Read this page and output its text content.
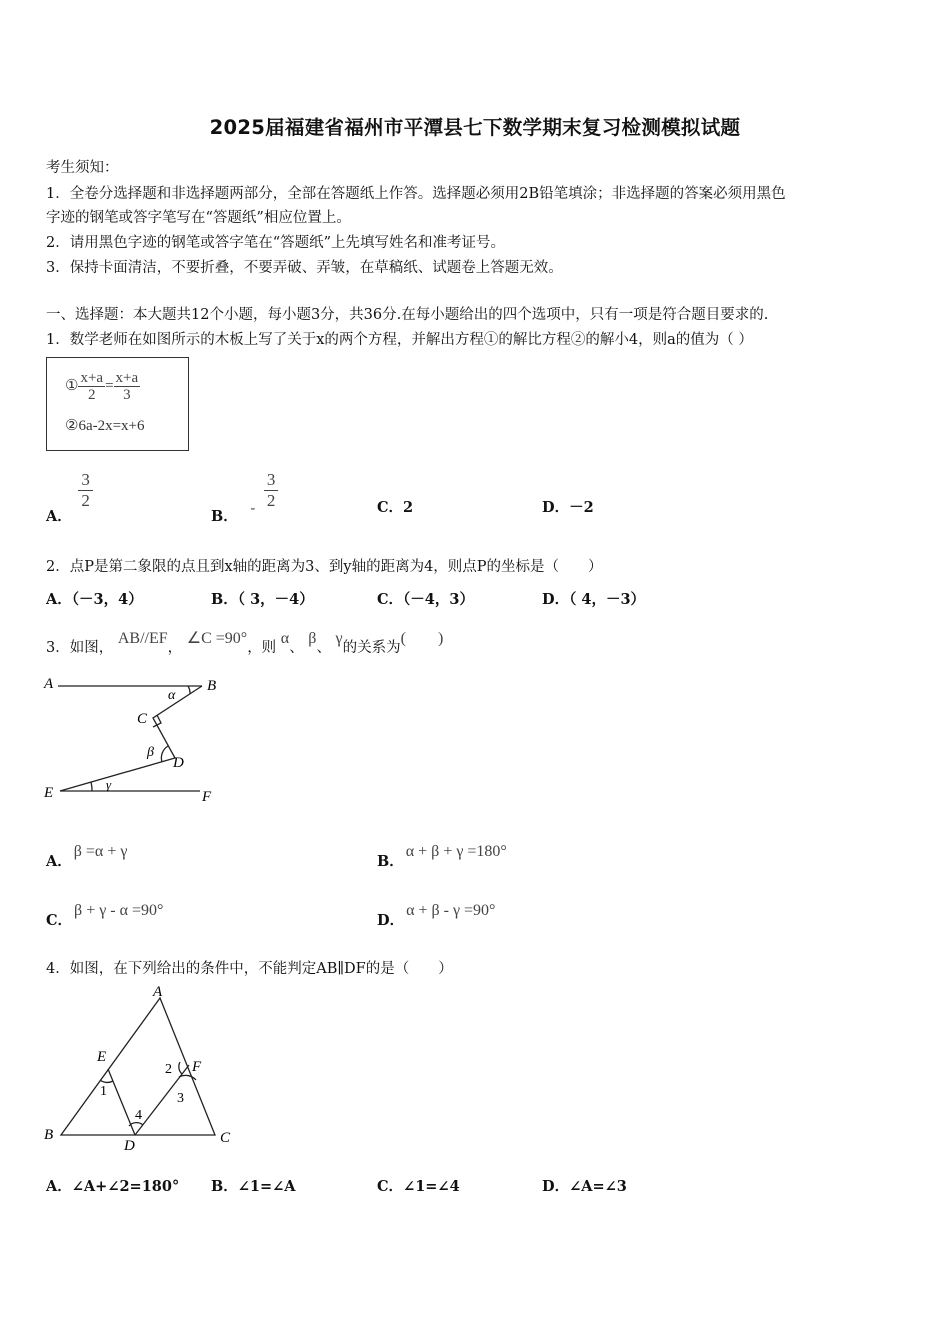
2025届福建省福州市平潭县七下数学期末复习检测模拟试题
考生须知：
1．全卷分选择题和非选择题两部分，全部在答题纸上作答。选择题必须用2B铅笔填涂；非选择题的答案必须用黑色
字迹的钢笔或答字笔写在“答题纸”相应位置上。
2．请用黑色字迹的钢笔或答字笔在“答题纸”上先填写姓名和准考证号。
3．保持卡面清洁，不要折叠，不要弄破、弄皱，在草稿纸、试题卷上答题无效。
一、选择题：本大题共12个小题，每小题3分，共36分.在每小题给出的四个选项中，只有一项是符合题目要求的.
1．数学老师在如图所示的木板上写了关于x的两个方程，并解出方程①的解比方程②的解小4，则a的值为（ ）
① $\frac{x+a}{2} = \frac{x+a}{3}$
②6a-2x=x+6
A．
$\frac{3}{2}$
B． - $\frac{3}{2}$	C．2	D．－2
2．点P是第二象限的点且到x轴的距离为3、到y轴的距离为4，则点P的坐标是（　　）
A．（－3，4）	B．（ 3，－4）	C．（－4，3）	D．（ 4，－3）
3．如图， AB//EF， ∠C =90°，则 α、 β、 γ的关系为(　　)
A	B
C
D
E	F
α
β
γ
A．β =α + γ
B．α + β + γ =180°
C．β + γ - α =90°
D．α + β - γ =90°
4．如图，在下列给出的条件中，不能判定AB∥DF的是（　　）
A
B	C
D
E
F
1
2
3
4
A．∠A+∠2=180° B．∠1=∠A	C．∠1=∠4	D．∠A=∠3
